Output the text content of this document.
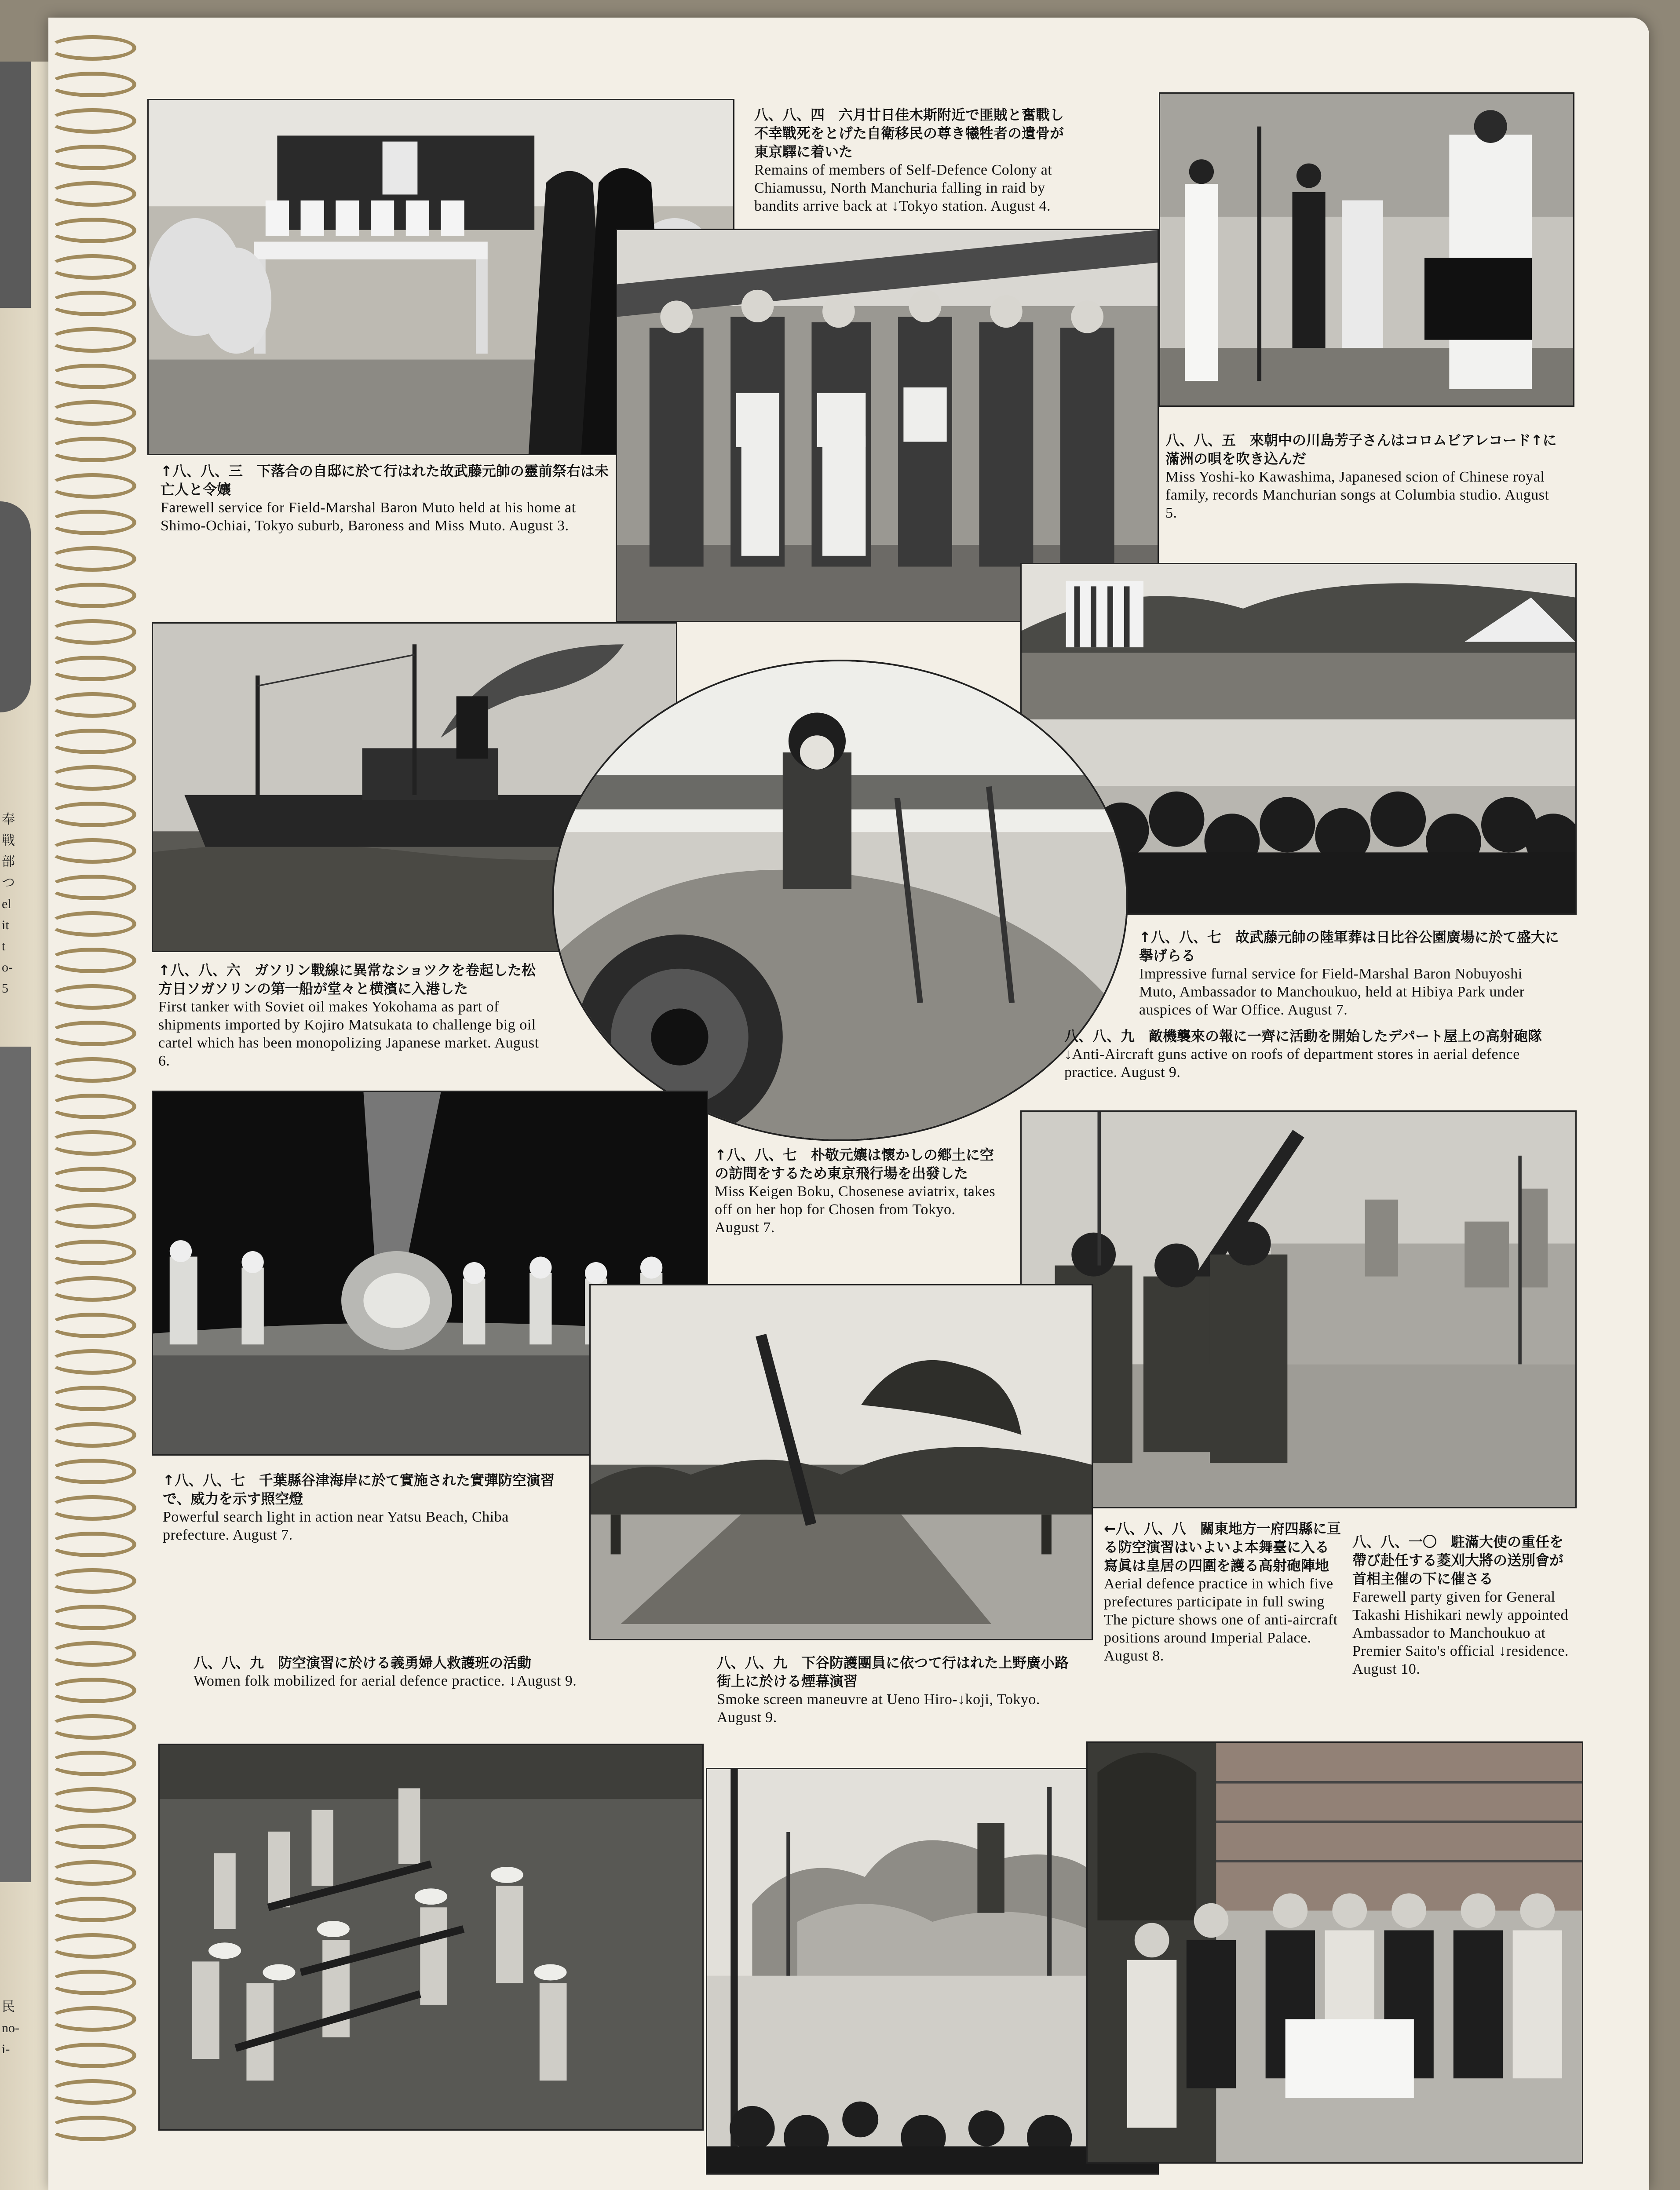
奉
戦
部
つ
el
it
t
o-
5
民
no-
i-
↑八、八、三　下落合の自邸に於て行はれた故武藤元帥の靈前祭右は未亡人と令孃
Farewell service for Field-Marshal Baron Muto held at his home at Shimo-Ochiai, Tokyo suburb, Baroness and Miss Muto. August 3.
八、八、四　六月廿日佳木斯附近で匪賊と奮戰し不幸戰死をとげた自衛移民の尊き犧牲者の遺骨が東京驛に着いた
Remains of members of Self-Defence Colony at Chiamussu, North Manchuria falling in raid by bandits arrive back at ↓Tokyo station. August 4.
八、八、五　來朝中の川島芳子さんはコロムビアレコード↑に滿洲の唄を吹き込んだ
Miss Yoshi-ko Kawashima, Japanesed scion of Chinese royal family, records Manchurian songs at Columbia studio. August 5.
↑八、八、六　ガソリン戰線に異常なショツクを卷起した松方日ソガソリンの第一船が堂々と横濱に入港した
First tanker with Soviet oil makes Yokohama as part of shipments imported by Kojiro Matsukata to challenge big oil cartel which has been monopolizing Japanese market. August 6.
↑八、八、七　故武藤元帥の陸軍葬は日比谷公園廣場に於て盛大に擧げらる
Impressive furnal service for Field-Marshal Baron Nobuyoshi Muto, Ambassador to Manchoukuo, held at Hibiya Park under auspices of War Office. August 7.
八、八、九　敵機襲來の報に一齊に活動を開始したデパート屋上の高射砲隊
↓Anti-Aircraft guns active on roofs of department stores in aerial defence practice. August 9.
↑八、八、七　朴敬元孃は懷かしの鄕土に空の訪問をするため東京飛行場を出發した
Miss Keigen Boku, Chosenese aviatrix, takes off on her hop for Chosen from Tokyo. August 7.
↑八、八、七　千葉縣谷津海岸に於て實施された實彈防空演習で、威力を示す照空燈
Powerful search light in action near Yatsu Beach, Chiba prefecture. August 7.	←八、八、八　關東地方一府四縣に亘る防空演習はいよいよ本舞臺に入る　寫眞は皇居の四圍を護る高射砲陣地
Aerial defence practice in which five prefectures participate in full swing The picture shows one of anti-aircraft positions around Imperial Palace. August 8.
八、八、一〇　駐滿大使の重任を帶び赴任する菱刈大將の送別會が首相主催の下に催さる
Farewell party given for General Takashi Hishikari newly appointed Ambassador to Manchoukuo at Premier Saito's official ↓residence. August 10.
八、八、九　防空演習に於ける義勇婦人救護班の活動
Women folk mobilized for aerial defence practice. ↓August 9.
八、八、九　下谷防護團員に依つて行はれた上野廣小路街上に於ける煙幕演習
Smoke screen maneuvre at Ueno Hiro-↓koji, Tokyo. August 9.
